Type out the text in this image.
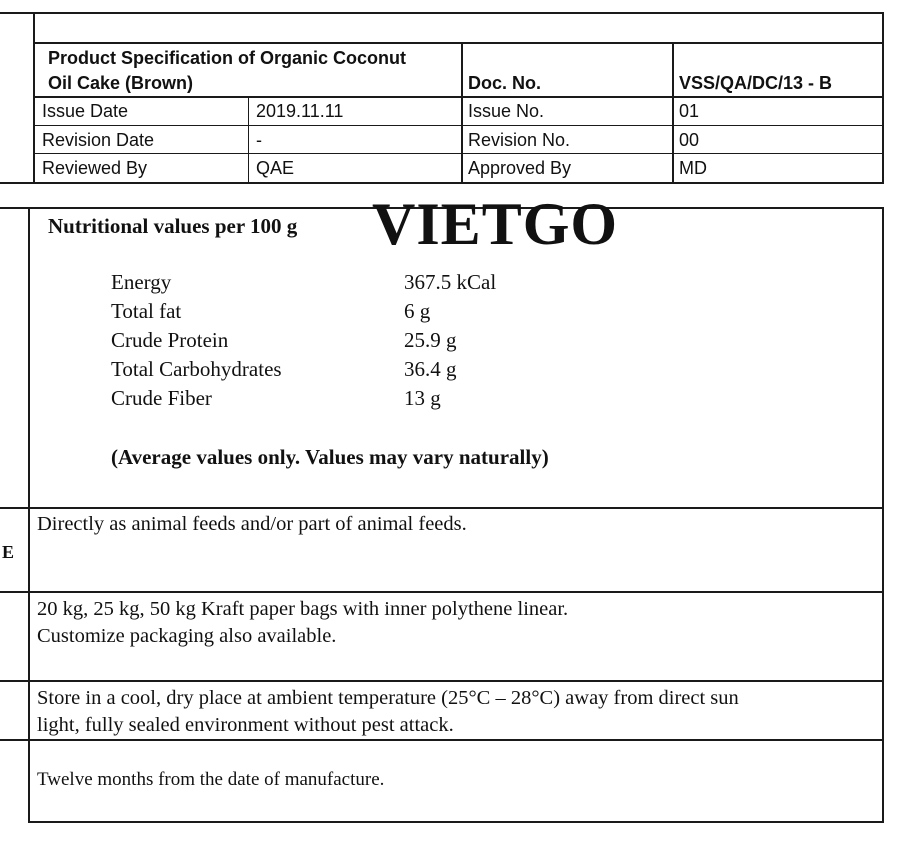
Product Specification of Organic Coconut
Oil Cake (Brown)	Doc. No.	VSS/QA/DC/13 - B
Issue Date	2019.11.11	Issue No.	01
Revision Date	-	Revision No.	00
Reviewed By	QAE	Approved By	MD
VIETGO
Nutritional values per 100 g
Energy	367.5 kCal
Total fat	6 g
Crude Protein	25.9 g
Total Carbohydrates	36.4 g
Crude Fiber	13 g
(Average values only. Values may vary naturally)
E
Directly as animal feeds and/or part of animal feeds.
20 kg, 25 kg, 50 kg Kraft paper bags with inner polythene linear.
Customize packaging also available.
Store in a cool, dry place at ambient temperature (25°C – 28°C) away from direct sun
light, fully sealed environment without pest attack.
Twelve months from the date of manufacture.
